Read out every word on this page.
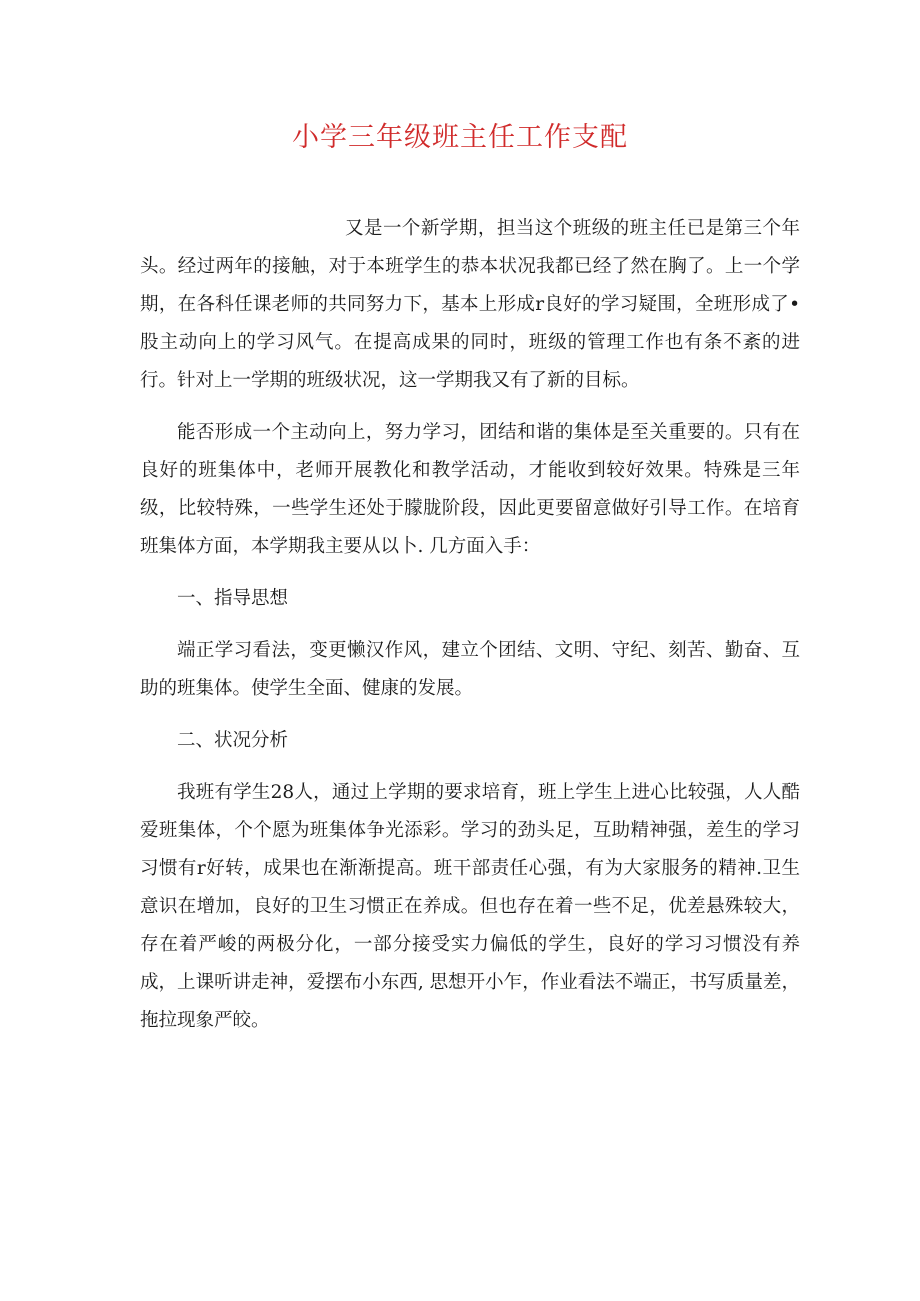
小学三年级班主任工作支配

又是一个新学期，担当这个班级的班主任已是第三个年头。经过两年的接触，对于本班学生的恭本状况我都已经了然在胸了。上一个学期，在各科任课老师的共同努力下，基本上形成r良好的学习疑围，全班形成了•股主动向上的学习风气。在提高成果的同时，班级的管理工作也有条不紊的进行。针对上一学期的班级状况，这一学期我又有了新的目标。

能否形成一个主动向上，努力学习，团结和谐的集体是至关重要的。只有在良好的班集体中，老师开展教化和教学活动，才能收到较好效果。特殊是三年级，比较特殊，一些学生还处于朦胧阶段，因此更要留意做好引导工作。在培育班集体方面，本学期我主要从以卜. 几方面入手：

一、指导思想

端正学习看法，变更懒汉作风，建立个团结、文明、守纪、刻苦、勤奋、互助的班集体。使学生全面、健康的发展。

二、状况分析

我班有学生28人，通过上学期的要求培育，班上学生上进心比较强，人人酷爱班集体，个个愿为班集体争光添彩。学习的劲头足，互助精神强，差生的学习习惯有r好转，成果也在渐渐提高。班干部责任心强，有为大家服务的精神.卫生意识在增加，良好的卫生习惯正在养成。但也存在着一些不足，优差悬殊较大，存在着严峻的两极分化，一部分接受实力偏低的学生，良好的学习习惯没有养成，上课听讲走神，爱摆布小东西, 思想开小乍，作业看法不端正，书写质量差，拖拉现象严皎。
